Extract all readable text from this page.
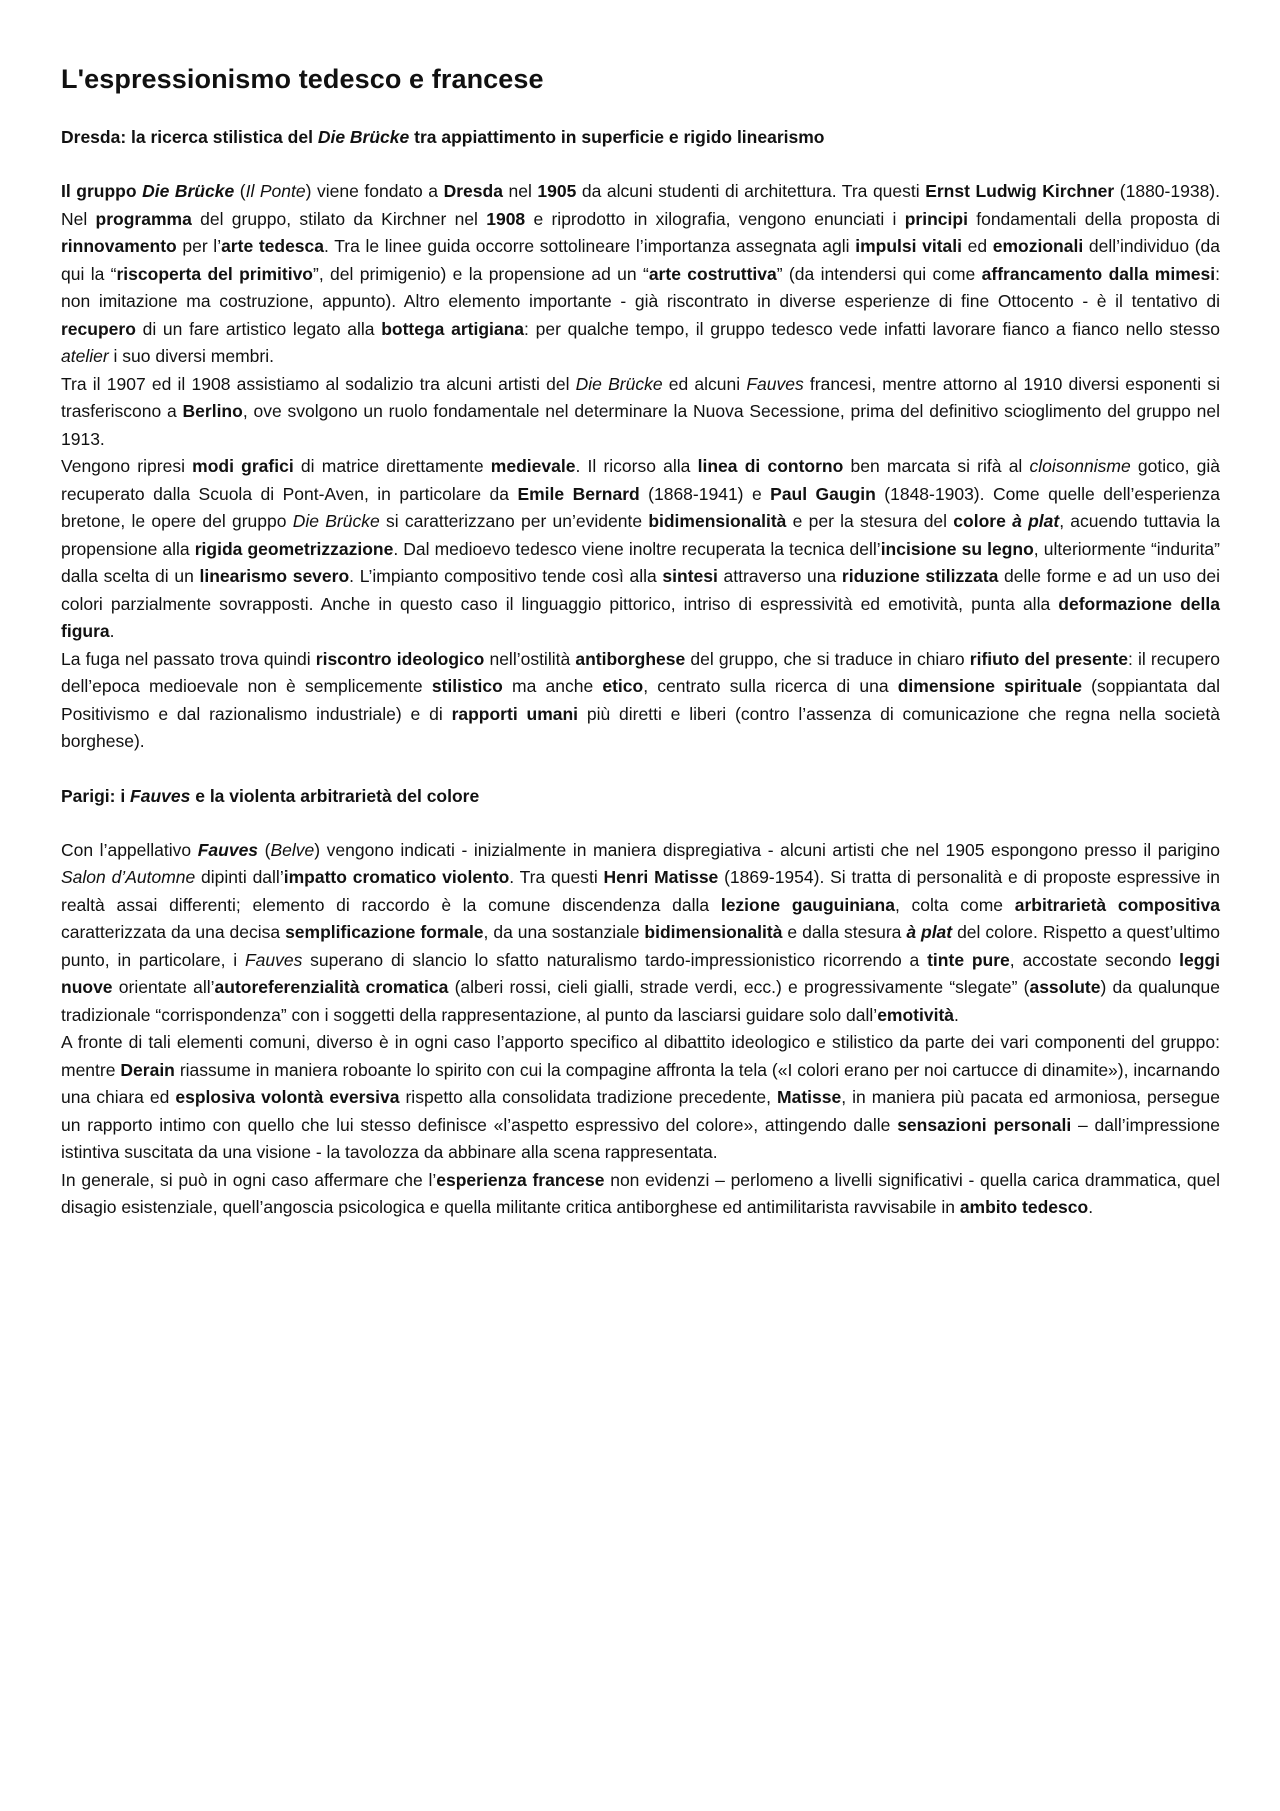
L'espressionismo tedesco e francese
Dresda: la ricerca stilistica del Die Brücke tra appiattimento in superficie e rigido linearismo

Il gruppo Die Brücke (Il Ponte) viene fondato a Dresda nel 1905 da alcuni studenti di architettura. Tra questi Ernst Ludwig Kirchner (1880-1938). Nel programma del gruppo, stilato da Kirchner nel 1908 e riprodotto in xilografia, vengono enunciati i principi fondamentali della proposta di rinnovamento per l’arte tedesca. Tra le linee guida occorre sottolineare l’importanza assegnata agli impulsi vitali ed emozionali dell’individuo (da qui la “riscoperta del primitivo”, del primigenio) e la propensione ad un “arte costruttiva” (da intendersi qui come affrancamento dalla mimesi: non imitazione ma costruzione, appunto). Altro elemento importante - già riscontrato in diverse esperienze di fine Ottocento - è il tentativo di recupero di un fare artistico legato alla bottega artigiana: per qualche tempo, il gruppo tedesco vede infatti lavorare fianco a fianco nello stesso atelier i suo diversi membri.

Tra il 1907 ed il 1908 assistiamo al sodalizio tra alcuni artisti del Die Brücke ed alcuni Fauves francesi, mentre attorno al 1910 diversi esponenti si trasferiscono a Berlino, ove svolgono un ruolo fondamentale nel determinare la Nuova Secessione, prima del definitivo scioglimento del gruppo nel 1913.

Vengono ripresi modi grafici di matrice direttamente medievale. Il ricorso alla linea di contorno ben marcata si rifà al cloisonnisme gotico, già recuperato dalla Scuola di Pont-Aven, in particolare da Emile Bernard (1868-1941) e Paul Gaugin (1848-1903). Come quelle dell’esperienza bretone, le opere del gruppo Die Brücke si caratterizzano per un’evidente bidimensionalità e per la stesura del colore à plat, acuendo tuttavia la propensione alla rigida geometrizzazione. Dal medioevo tedesco viene inoltre recuperata la tecnica dell’incisione su legno, ulteriormente “indurita” dalla scelta di un linearismo severo. L’impianto compositivo tende così alla sintesi attraverso una riduzione stilizzata delle forme e ad un uso dei colori parzialmente sovrapposti. Anche in questo caso il linguaggio pittorico, intriso di espressività ed emotività, punta alla deformazione della figura.

La fuga nel passato trova quindi riscontro ideologico nell’ostilità antiborghese del gruppo, che si traduce in chiaro rifiuto del presente: il recupero dell’epoca medioevale non è semplicemente stilistico ma anche etico, centrato sulla ricerca di una dimensione spirituale (soppiantata dal Positivismo e dal razionalismo industriale) e di rapporti umani più diretti e liberi (contro l’assenza di comunicazione che regna nella società borghese).

Parigi: i Fauves e la violenta arbitrarietà del colore

Con l’appellativo Fauves (Belve) vengono indicati - inizialmente in maniera dispregiativa - alcuni artisti che nel 1905 espongono presso il parigino Salon d’Automne dipinti dall’impatto cromatico violento. Tra questi Henri Matisse (1869-1954). Si tratta di personalità e di proposte espressive in realtà assai differenti; elemento di raccordo è la comune discendenza dalla lezione gauguiniana, colta come arbitrarietà compositiva caratterizzata da una decisa semplificazione formale, da una sostanziale bidimensionalità e dalla stesura à plat del colore. Rispetto a quest’ultimo punto, in particolare, i Fauves superano di slancio lo sfatto naturalismo tardo-impressionistico ricorrendo a tinte pure, accostate secondo leggi nuove orientate all’autoreferenzialità cromatica (alberi rossi, cieli gialli, strade verdi, ecc.) e progressivamente “slegate” (assolute) da qualunque tradizionale “corrispondenza” con i soggetti della rappresentazione, al punto da lasciarsi guidare solo dall’emotività.

A fronte di tali elementi comuni, diverso è in ogni caso l’apporto specifico al dibattito ideologico e stilistico da parte dei vari componenti del gruppo: mentre Derain riassume in maniera roboante lo spirito con cui la compagine affronta la tela («I colori erano per noi cartucce di dinamite»), incarnando una chiara ed esplosiva volontà eversiva rispetto alla consolidata tradizione precedente, Matisse, in maniera più pacata ed armoniosa, persegue un rapporto intimo con quello che lui stesso definisce «l’aspetto espressivo del colore», attingendo dalle sensazioni personali – dall’impressione istintiva suscitata da una visione - la tavolozza da abbinare alla scena rappresentata.

In generale, si può in ogni caso affermare che l’esperienza francese non evidenzi – perlomeno a livelli significativi - quella carica drammatica, quel disagio esistenziale, quell’angoscia psicologica e quella militante critica antiborghese ed antimilitarista ravvisabile in ambito tedesco.
